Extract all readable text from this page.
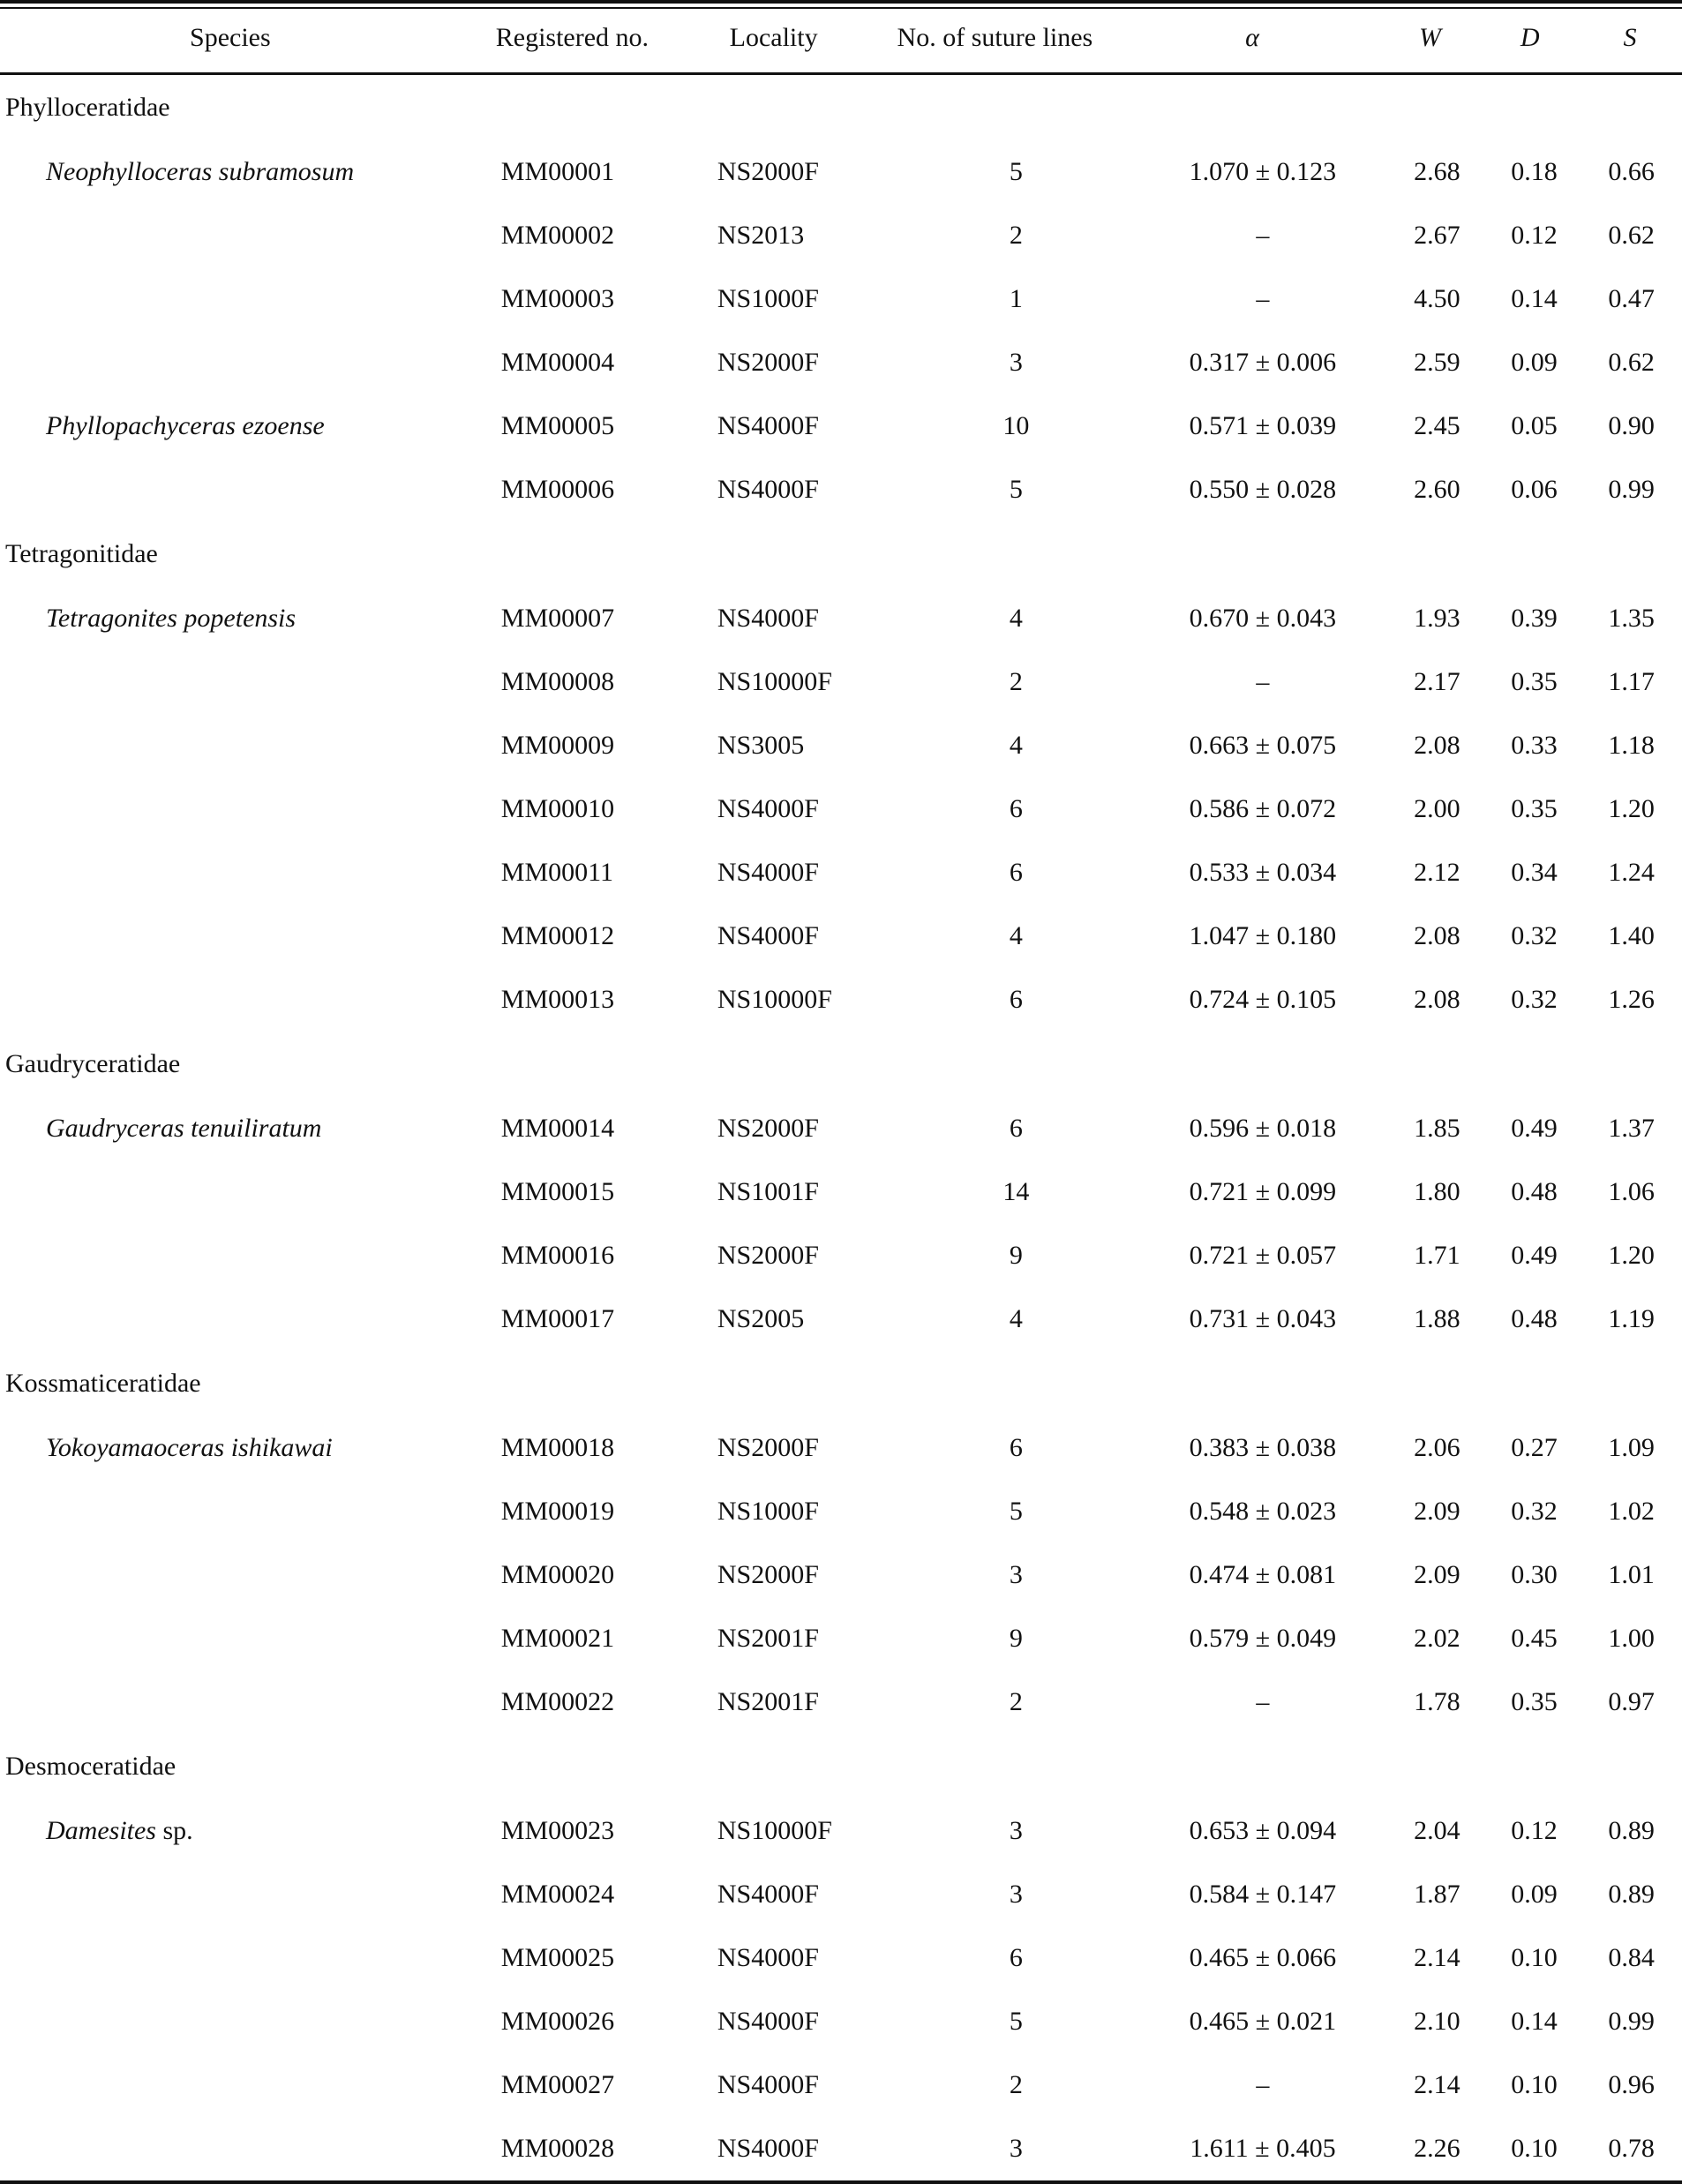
Species	Registered no.	Locality	No. of suture lines	α	W	D	S
Phylloceratidae							
Neophylloceras subramosum	MM00001	NS2000F	5	1.070 ± 0.123	2.68	0.18	0.66
	MM00002	NS2013	2	–	2.67	0.12	0.62
	MM00003	NS1000F	1	–	4.50	0.14	0.47
	MM00004	NS2000F	3	0.317 ± 0.006	2.59	0.09	0.62
Phyllopachyceras ezoense	MM00005	NS4000F	10	0.571 ± 0.039	2.45	0.05	0.90
	MM00006	NS4000F	5	0.550 ± 0.028	2.60	0.06	0.99
Tetragonitidae							
Tetragonites popetensis	MM00007	NS4000F	4	0.670 ± 0.043	1.93	0.39	1.35
	MM00008	NS10000F	2	–	2.17	0.35	1.17
	MM00009	NS3005	4	0.663 ± 0.075	2.08	0.33	1.18
	MM00010	NS4000F	6	0.586 ± 0.072	2.00	0.35	1.20
	MM00011	NS4000F	6	0.533 ± 0.034	2.12	0.34	1.24
	MM00012	NS4000F	4	1.047 ± 0.180	2.08	0.32	1.40
	MM00013	NS10000F	6	0.724 ± 0.105	2.08	0.32	1.26
Gaudryceratidae							
Gaudryceras tenuiliratum	MM00014	NS2000F	6	0.596 ± 0.018	1.85	0.49	1.37
	MM00015	NS1001F	14	0.721 ± 0.099	1.80	0.48	1.06
	MM00016	NS2000F	9	0.721 ± 0.057	1.71	0.49	1.20
	MM00017	NS2005	4	0.731 ± 0.043	1.88	0.48	1.19
Kossmaticeratidae							
Yokoyamaoceras ishikawai	MM00018	NS2000F	6	0.383 ± 0.038	2.06	0.27	1.09
	MM00019	NS1000F	5	0.548 ± 0.023	2.09	0.32	1.02
	MM00020	NS2000F	3	0.474 ± 0.081	2.09	0.30	1.01
	MM00021	NS2001F	9	0.579 ± 0.049	2.02	0.45	1.00
	MM00022	NS2001F	2	–	1.78	0.35	0.97
Desmoceratidae							
Damesites sp.	MM00023	NS10000F	3	0.653 ± 0.094	2.04	0.12	0.89
	MM00024	NS4000F	3	0.584 ± 0.147	1.87	0.09	0.89
	MM00025	NS4000F	6	0.465 ± 0.066	2.14	0.10	0.84
	MM00026	NS4000F	5	0.465 ± 0.021	2.10	0.14	0.99
	MM00027	NS4000F	2	–	2.14	0.10	0.96
	MM00028	NS4000F	3	1.611 ± 0.405	2.26	0.10	0.78
